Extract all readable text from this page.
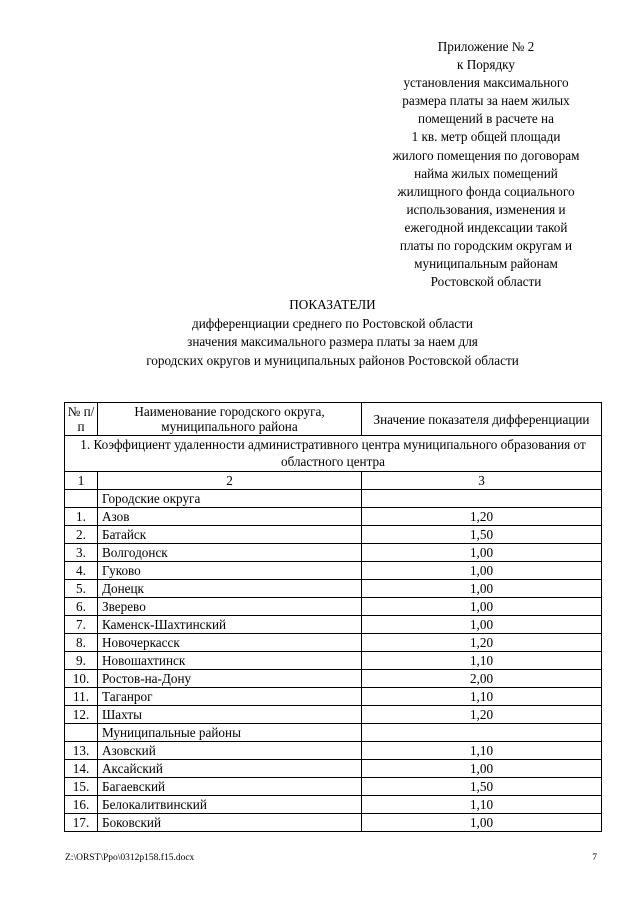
Приложение № 2
к Порядку
установления максимального
размера платы за наем жилых
помещений в расчете на
1 кв. метр общей площади
жилого помещения по договорам
найма жилых помещений
жилищного фонда социального
использования, изменения и
ежегодной индексации такой
платы по городским округам и
муниципальным районам
Ростовской области
ПОКАЗАТЕЛИ
дифференциации среднего по Ростовской области
значения максимального размера платы за наем для
городских округов и муниципальных районов Ростовской области
№ п/п	Наименование городского округа, муниципального района	Значение показателя дифференциации
1. Коэффициент удаленности административного центра муниципального образования от областного центра		
1	2	3
	Городские округа	
1.	Азов	1,20
2.	Батайск	1,50
3.	Волгодонск	1,00
4.	Гуково	1,00
5.	Донецк	1,00
6.	Зверево	1,00
7.	Каменск-Шахтинский	1,00
8.	Новочеркасск	1,20
9.	Новошахтинск	1,10
10.	Ростов-на-Дону	2,00
11.	Таганрог	1,10
12.	Шахты	1,20
	Муниципальные районы	
13.	Азовский	1,10
14.	Аксайский	1,00
15.	Багаевский	1,50
16.	Белокалитвинский	1,10
17.	Боковский	1,00
Z:\ORST\Ppo\0312p158.f15.docx	7
